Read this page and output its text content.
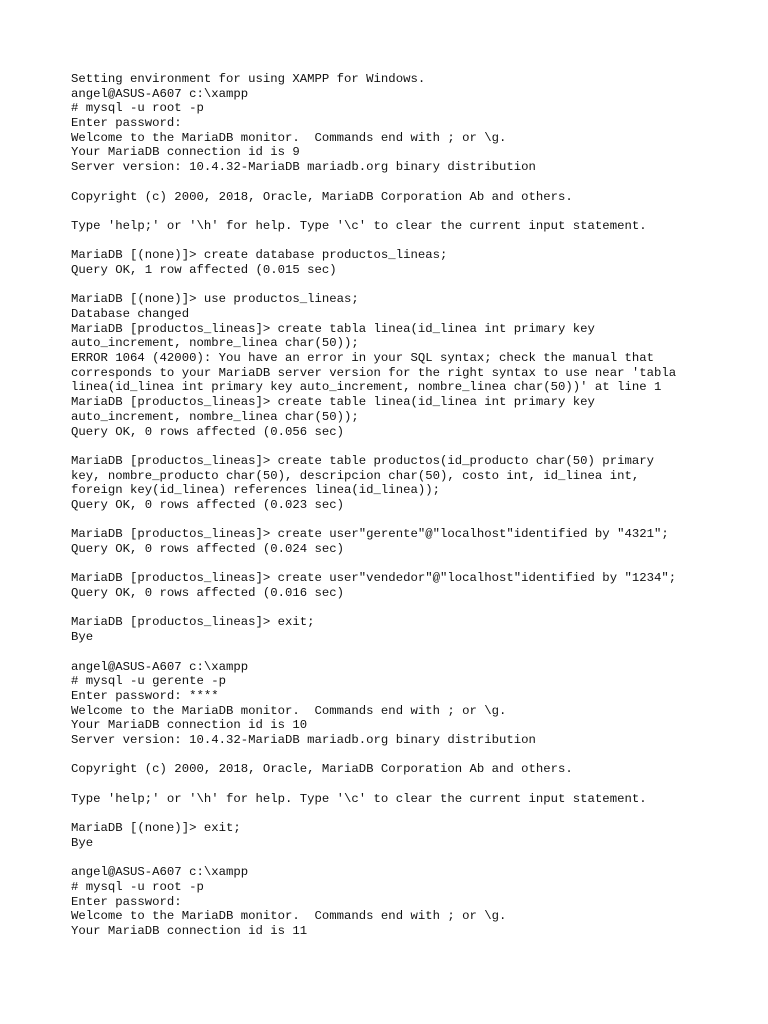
Setting environment for using XAMPP for Windows.
angel@ASUS-A607 c:\xampp
# mysql -u root -p
Enter password:
Welcome to the MariaDB monitor.  Commands end with ; or \g.
Your MariaDB connection id is 9
Server version: 10.4.32-MariaDB mariadb.org binary distribution
Copyright (c) 2000, 2018, Oracle, MariaDB Corporation Ab and others.
Type 'help;' or '\h' for help. Type '\c' to clear the current input statement.
MariaDB [(none)]> create database productos_lineas;
Query OK, 1 row affected (0.015 sec)
MariaDB [(none)]> use productos_lineas;
Database changed
MariaDB [productos_lineas]> create tabla linea(id_linea int primary key
auto_increment, nombre_linea char(50));
ERROR 1064 (42000): You have an error in your SQL syntax; check the manual that
corresponds to your MariaDB server version for the right syntax to use near 'tabla
linea(id_linea int primary key auto_increment, nombre_linea char(50))' at line 1
MariaDB [productos_lineas]> create table linea(id_linea int primary key
auto_increment, nombre_linea char(50));
Query OK, 0 rows affected (0.056 sec)
MariaDB [productos_lineas]> create table productos(id_producto char(50) primary
key, nombre_producto char(50), descripcion char(50), costo int, id_linea int,
foreign key(id_linea) references linea(id_linea));
Query OK, 0 rows affected (0.023 sec)
MariaDB [productos_lineas]> create user"gerente"@"localhost"identified by "4321";
Query OK, 0 rows affected (0.024 sec)
MariaDB [productos_lineas]> create user"vendedor"@"localhost"identified by "1234";
Query OK, 0 rows affected (0.016 sec)
MariaDB [productos_lineas]> exit;
Bye
angel@ASUS-A607 c:\xampp
# mysql -u gerente -p
Enter password: ****
Welcome to the MariaDB monitor.  Commands end with ; or \g.
Your MariaDB connection id is 10
Server version: 10.4.32-MariaDB mariadb.org binary distribution
Copyright (c) 2000, 2018, Oracle, MariaDB Corporation Ab and others.
Type 'help;' or '\h' for help. Type '\c' to clear the current input statement.
MariaDB [(none)]> exit;
Bye
angel@ASUS-A607 c:\xampp
# mysql -u root -p
Enter password:
Welcome to the MariaDB monitor.  Commands end with ; or \g.
Your MariaDB connection id is 11
